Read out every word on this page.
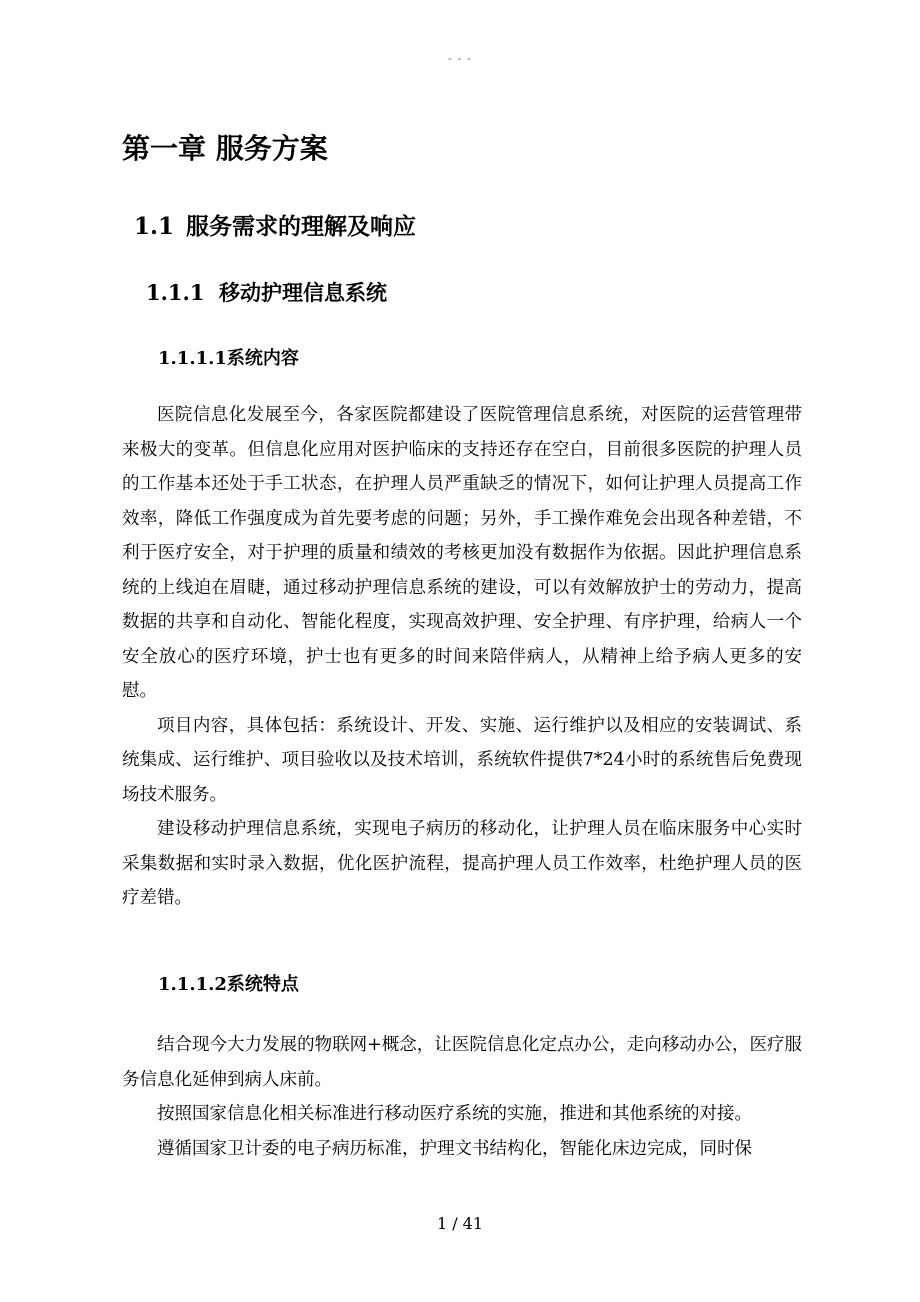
- - -
第一章 服务方案
1.1 服务需求的理解及响应
1.1.1 移动护理信息系统
1.1.1.1系统内容

医院信息化发展至今，各家医院都建设了医院管理信息系统，对医院的运营管理带来极大的变革。但信息化应用对医护临床的支持还存在空白，目前很多医院的护理人员的工作基本还处于手工状态，在护理人员严重缺乏的情况下，如何让护理人员提高工作效率，降低工作强度成为首先要考虑的问题；另外，手工操作难免会出现各种差错，不利于医疗安全，对于护理的质量和绩效的考核更加没有数据作为依据。因此护理信息系统的上线迫在眉睫，通过移动护理信息系统的建设，可以有效解放护士的劳动力，提高数据的共享和自动化、智能化程度，实现高效护理、安全护理、有序护理，给病人一个安全放心的医疗环境，护士也有更多的时间来陪伴病人，从精神上给予病人更多的安慰。

项目内容，具体包括：系统设计、开发、实施、运行维护以及相应的安装调试、系统集成、运行维护、项目验收以及技术培训，系统软件提供7*24小时的系统售后免费现场技术服务。

建设移动护理信息系统，实现电子病历的移动化，让护理人员在临床服务中心实时采集数据和实时录入数据，优化医护流程，提高护理人员工作效率，杜绝护理人员的医疗差错。

1.1.1.2系统特点

结合现今大力发展的物联网+概念，让医院信息化定点办公，走向移动办公，医疗服务信息化延伸到病人床前。

按照国家信息化相关标准进行移动医疗系统的实施，推进和其他系统的对接。

遵循国家卫计委的电子病历标准，护理文书结构化，智能化床边完成，同时保

1 / 41
